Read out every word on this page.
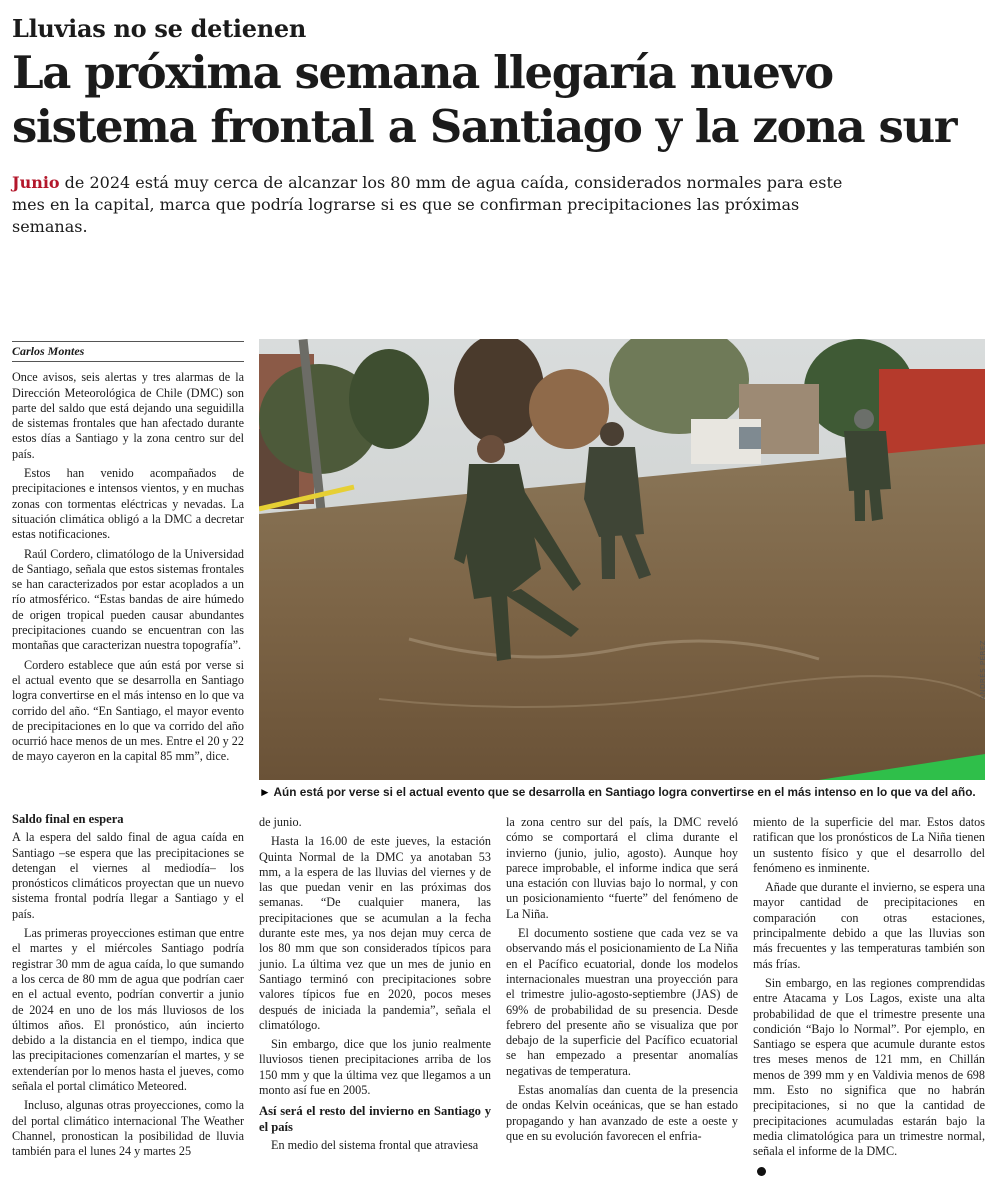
Lluvias no se detienen
La próxima semana llegaría nuevo sistema frontal a Santiago y la zona sur

Junio de 2024 está muy cerca de alcanzar los 80 mm de agua caída, considerados normales para este mes en la capital, marca que podría lograrse si es que se confirman precipitaciones las próximas semanas.

Carlos Montes

Once avisos, seis alertas y tres alarmas de la Dirección Meteorológica de Chile (DMC) son parte del saldo que está dejando una seguidilla de sistemas frontales que han afectado durante estos días a Santiago y la zona centro sur del país.

Estos han venido acompañados de precipitaciones e intensos vientos, y en muchas zonas con tormentas eléctricas y nevadas. La situación climática obligó a la DMC a decretar estas notificaciones.

Raúl Cordero, climatólogo de la Universidad de Santiago, señala que estos sistemas frontales se han caracterizados por estar acoplados a un río atmosférico. “Estas bandas de aire húmedo de origen tropical pueden causar abundantes precipitaciones cuando se encuentran con las montañas que caracterizan nuestra topografía”.

Cordero establece que aún está por verse si el actual evento que se desarrolla en Santiago logra convertirse en el más intenso en lo que va corrido del año. “En Santiago, el mayor evento de precipitaciones en lo que va corrido del año ocurrió hace menos de un mes. Entre el 20 y 22 de mayo cayeron en la capital 85 mm”, dice.

Saldo final en espera

A la espera del saldo final de agua caída en Santiago –se espera que las precipitaciones se detengan el viernes al mediodía– los pronósticos climáticos proyectan que un nuevo sistema frontal podría llegar a Santiago y el país.

Las primeras proyecciones estiman que entre el martes y el miércoles Santiago podría registrar 30 mm de agua caída, lo que sumando a los cerca de 80 mm de agua que podrían caer en el actual evento, podrían convertir a junio de 2024 en uno de los más lluviosos de los últimos años. El pronóstico, aún incierto debido a la distancia en el tiempo, indica que las precipitaciones comenzarían el martes, y se extenderían por lo menos hasta el jueves, como señala el portal climático Meteored.

Incluso, algunas otras proyecciones, como la del portal climático internacional The Weather Channel, pronostican la posibilidad de lluvia también para el lunes 24 y martes 25

de junio.

Hasta la 16.00 de este jueves, la estación Quinta Normal de la DMC ya anotaban 53 mm, a la espera de las lluvias del viernes y de las que puedan venir en las próximas dos semanas. “De cualquier manera, las precipitaciones que se acumulan a la fecha durante este mes, ya nos dejan muy cerca de los 80 mm que son considerados típicos para junio. La última vez que un mes de junio en Santiago terminó con precipitaciones sobre valores típicos fue en 2020, pocos meses después de iniciada la pandemia”, señala el climatólogo.

Sin embargo, dice que los junio realmente lluviosos tienen precipitaciones arriba de los 150 mm y que la última vez que llegamos a un monto así fue en 2005.

Así será el resto del invierno en Santiago y el país

En medio del sistema frontal que atraviesa

la zona centro sur del país, la DMC reveló cómo se comportará el clima durante el invierno (junio, julio, agosto). Aunque hoy parece improbable, el informe indica que será una estación con lluvias bajo lo normal, y con un posicionamiento “fuerte” del fenómeno de La Niña.

El documento sostiene que cada vez se va observando más el posicionamiento de La Niña en el Pacífico ecuatorial, donde los modelos internacionales muestran una proyección para el trimestre julio-agosto-septiembre (JAS) de 69% de probabilidad de su presencia. Desde febrero del presente año se visualiza que por debajo de la superficie del Pacífico ecuatorial se han empezado a presentar anomalías negativas de temperatura.

Estas anomalías dan cuenta de la presencia de ondas Kelvin oceánicas, que se han estado propagando y han avanzado de este a oeste y que en su evolución favorecen el enfria-

miento de la superficie del mar. Estos datos ratifican que los pronósticos de La Niña tienen un sustento físico y que el desarrollo del fenómeno es inminente.

Añade que durante el invierno, se espera una mayor cantidad de precipitaciones en comparación con otras estaciones, principalmente debido a que las lluvias son más frecuentes y las temperaturas también son más frías.

Sin embargo, en las regiones comprendidas entre Atacama y Los Lagos, existe una alta probabilidad de que el trimestre presente una condición “Bajo lo Normal”. Por ejemplo, en Santiago se espera que acumule durante estos tres meses menos de 121 mm, en Chillán menos de 399 mm y en Valdivia menos de 698 mm. Esto no significa que no habrán precipitaciones, si no que la cantidad de precipitaciones acumuladas estarán bajo la media climatológica para un trimestre normal, señala el informe de la DMC.

ANDRÉS PÉREZ
► Aún está por verse si el actual evento que se desarrolla en Santiago logra convertirse en el más intenso en lo que va del año.
